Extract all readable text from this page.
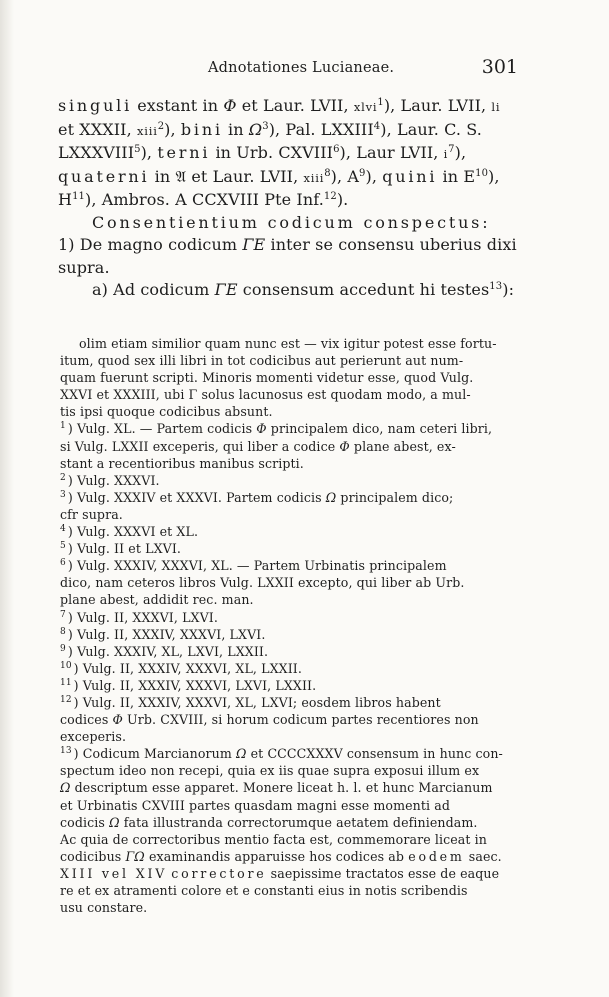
Adnotationes Lucianeae.	301
singuli exstant in Φ et Laur. LVII, xlvi$^1$), Laur. LVII, li
et XXXII, xiii$^2$), bini in $\Omega^3$), Pal. LXXIII$^4$), Laur. C. S.
LXXXVIII$^5$), terni in Urb. CXVIII$^6$), Laur LVII, $i^7$),
quaterni in 𝔄 et Laur. LVII, xiii$^8$), $A^9$), quini in $E^{10}$),
$H^{11}$), Ambros. A CCXVIII Pte Inf.$^{12}$).
Consentientium codicum conspectus:
1) De magno codicum ΓE inter se consensu uberius dixi
supra.
a) Ad codicum ΓE consensum accedunt hi testes$^{13}$):
olim etiam similior quam nunc est — vix igitur potest esse fortu-
itum, quod sex illi libri in tot codicibus aut perierunt aut num-
quam fuerunt scripti. Minoris momenti videtur esse, quod Vulg.
XXVI et XXXIII, ubi Γ solus lacunosus est quodam modo, a mul-
tis ipsi quoque codicibus absunt.
$^1$ ) Vulg. XL. — Partem codicis Φ principalem dico, nam ceteri libri,
si Vulg. LXXII exceperis, qui liber a codice Φ plane abest, ex-
stant a recentioribus manibus scripti.
$^2$ ) Vulg. XXXVI.
$^3$ ) Vulg. XXXIV et XXXVI. Partem codicis Ω principalem dico;
cfr supra.
$^4$ ) Vulg. XXXVI et XL.
$^5$ ) Vulg. II et LXVI.
$^6$ ) Vulg. XXXIV, XXXVI, XL. — Partem Urbinatis principalem
dico, nam ceteros libros Vulg. LXXII excepto, qui liber ab Urb.
plane abest, addidit rec. man.
$^7$ ) Vulg. II, XXXVI, LXVI.
$^8$ ) Vulg. II, XXXIV, XXXVI, LXVI.
$^9$ ) Vulg. XXXIV, XL, LXVI, LXXII.
$^{10}$ ) Vulg. II, XXXIV, XXXVI, XL, LXXII.
$^{11}$ ) Vulg. II, XXXIV, XXXVI, LXVI, LXXII.
$^{12}$ ) Vulg. II, XXXIV, XXXVI, XL, LXVI; eosdem libros habent
codices Φ Urb. CXVIII, si horum codicum partes recentiores non
exceperis.
$^{13}$ ) Codicum Marcianorum Ω et CCCCXXXV consensum in hunc con-
spectum ideo non recepi, quia ex iis quae supra exposui illum ex
Ω descriptum esse apparet. Monere liceat h. l. et hunc Marcianum
et Urbinatis CXVIII partes quasdam magni esse momenti ad
codicis Ω fata illustranda correctorumque aetatem definiendam.
Ac quia de correctoribus mentio facta est, commemorare liceat in
codicibus ΓΩ examinandis apparuisse hos codices ab eodem saec.
XIII vel XIV correctore saepissime tractatos esse de eaque
re et ex atramenti colore et e constanti eius in notis scribendis
usu constare.
